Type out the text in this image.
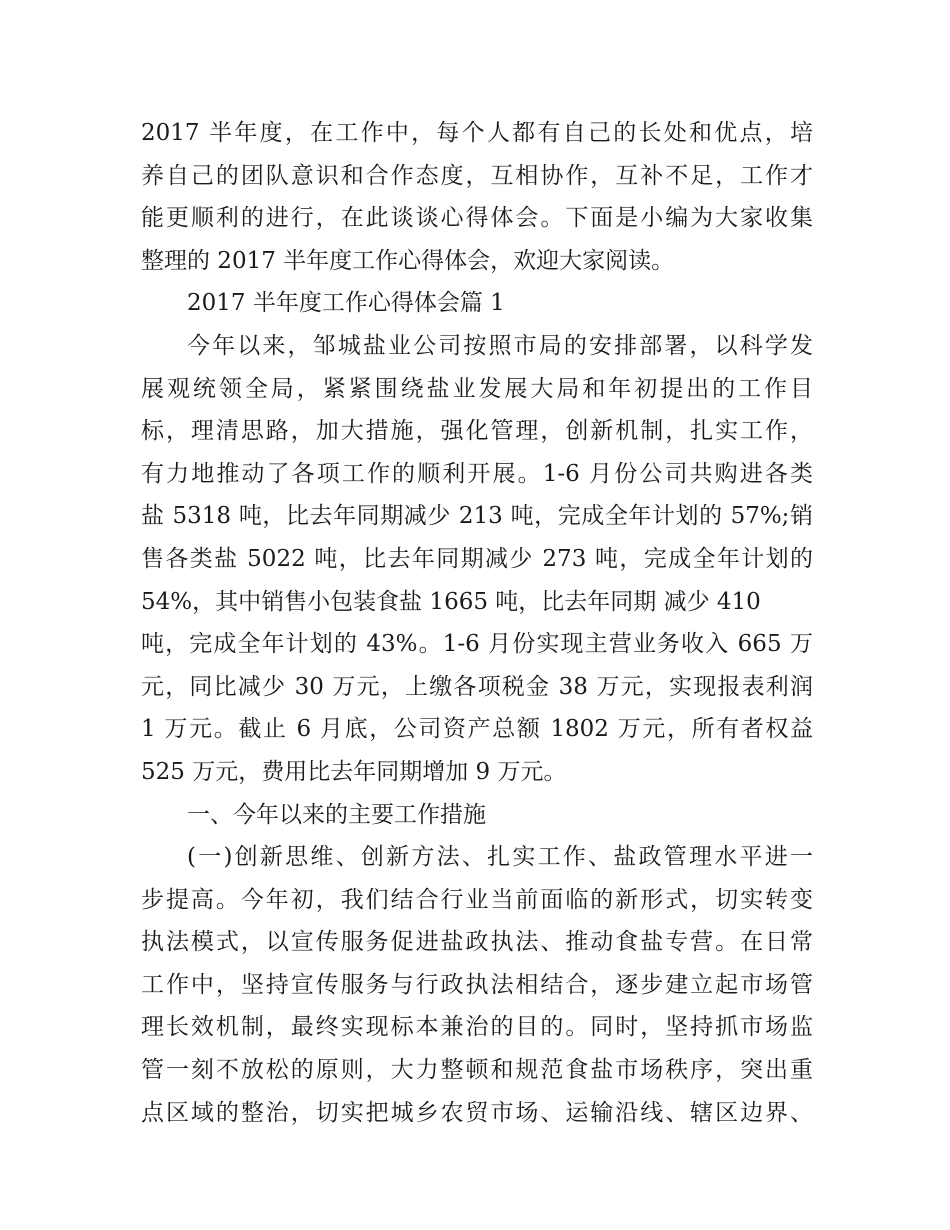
2017 半年度，在工作中，每个人都有自己的长处和优点，培
养自己的团队意识和合作态度，互相协作，互补不足，工作才
能更顺利的进行，在此谈谈心得体会。下面是小编为大家收集
整理的 2017 半年度工作心得体会，欢迎大家阅读。
2017 半年度工作心得体会篇 1
今年以来，邹城盐业公司按照市局的安排部署，以科学发
展观统领全局，紧紧围绕盐业发展大局和年初提出的工作目
标，理清思路，加大措施，强化管理，创新机制，扎实工作，
有力地推动了各项工作的顺利开展。1-6 月份公司共购进各类
盐 5318 吨，比去年同期减少 213 吨，完成全年计划的 57%;销
售各类盐 5022 吨，比去年同期减少 273 吨，完成全年计划的
54%，其中销售小包装食盐 1665 吨，比去年同期 减少 410
吨，完成全年计划的 43%。1-6 月份实现主营业务收入 665 万
元，同比减少 30 万元，上缴各项税金 38 万元，实现报表利润
1 万元。截止 6 月底，公司资产总额 1802 万元，所有者权益
525 万元，费用比去年同期增加 9 万元。
一、今年以来的主要工作措施
(一)创新思维、创新方法、扎实工作、盐政管理水平进一
步提高。今年初，我们结合行业当前面临的新形式，切实转变
执法模式，以宣传服务促进盐政执法、推动食盐专营。在日常
工作中，坚持宣传服务与行政执法相结合，逐步建立起市场管
理长效机制，最终实现标本兼治的目的。同时，坚持抓市场监
管一刻不放松的原则，大力整顿和规范食盐市场秩序，突出重
点区域的整治，切实把城乡农贸市场、运输沿线、辖区边界、
